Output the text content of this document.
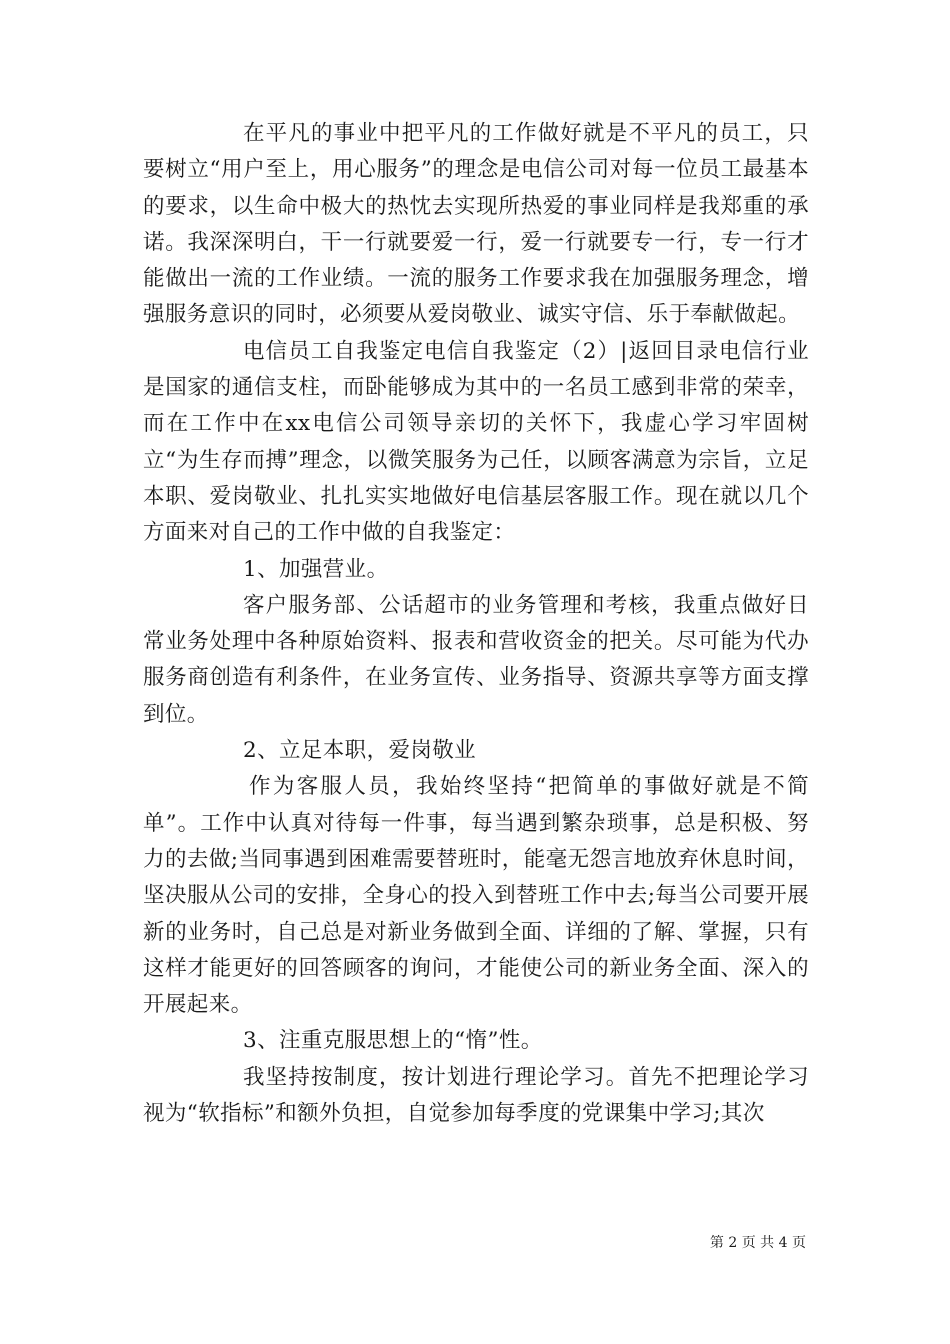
在平凡的事业中把平凡的工作做好就是不平凡的员工，只要树立“用户至上，用心服务”的理念是电信公司对每一位员工最基本的要求，以生命中极大的热忱去实现所热爱的事业同样是我郑重的承诺。我深深明白，干一行就要爱一行，爱一行就要专一行，专一行才能做出一流的工作业绩。一流的服务工作要求我在加强服务理念，增强服务意识的同时，必须要从爱岗敬业、诚实守信、乐于奉献做起。

电信员工自我鉴定电信自我鉴定（2）|返回目录电信行业是国家的通信支柱，而卧能够成为其中的一名员工感到非常的荣幸，而在工作中在xx电信公司领导亲切的关怀下，我虚心学习牢固树立“为生存而搏”理念，以微笑服务为己任，以顾客满意为宗旨，立足本职、爱岗敬业、扎扎实实地做好电信基层客服工作。现在就以几个方面来对自己的工作中做的自我鉴定：

1、加强营业。

客户服务部、公话超市的业务管理和考核，我重点做好日常业务处理中各种原始资料、报表和营收资金的把关。尽可能为代办服务商创造有利条件，在业务宣传、业务指导、资源共享等方面支撑到位。

2、立足本职，爱岗敬业

作为客服人员，我始终坚持“把简单的事做好就是不简单”。工作中认真对待每一件事，每当遇到繁杂琐事，总是积极、努力的去做;当同事遇到困难需要替班时，能毫无怨言地放弃休息时间，坚决服从公司的安排，全身心的投入到替班工作中去;每当公司要开展新的业务时，自己总是对新业务做到全面、详细的了解、掌握，只有这样才能更好的回答顾客的询问，才能使公司的新业务全面、深入的开展起来。

3、注重克服思想上的“惰”性。

我坚持按制度，按计划进行理论学习。首先不把理论学习视为“软指标”和额外负担，自觉参加每季度的党课集中学习;其次

第 2 页 共 4 页
